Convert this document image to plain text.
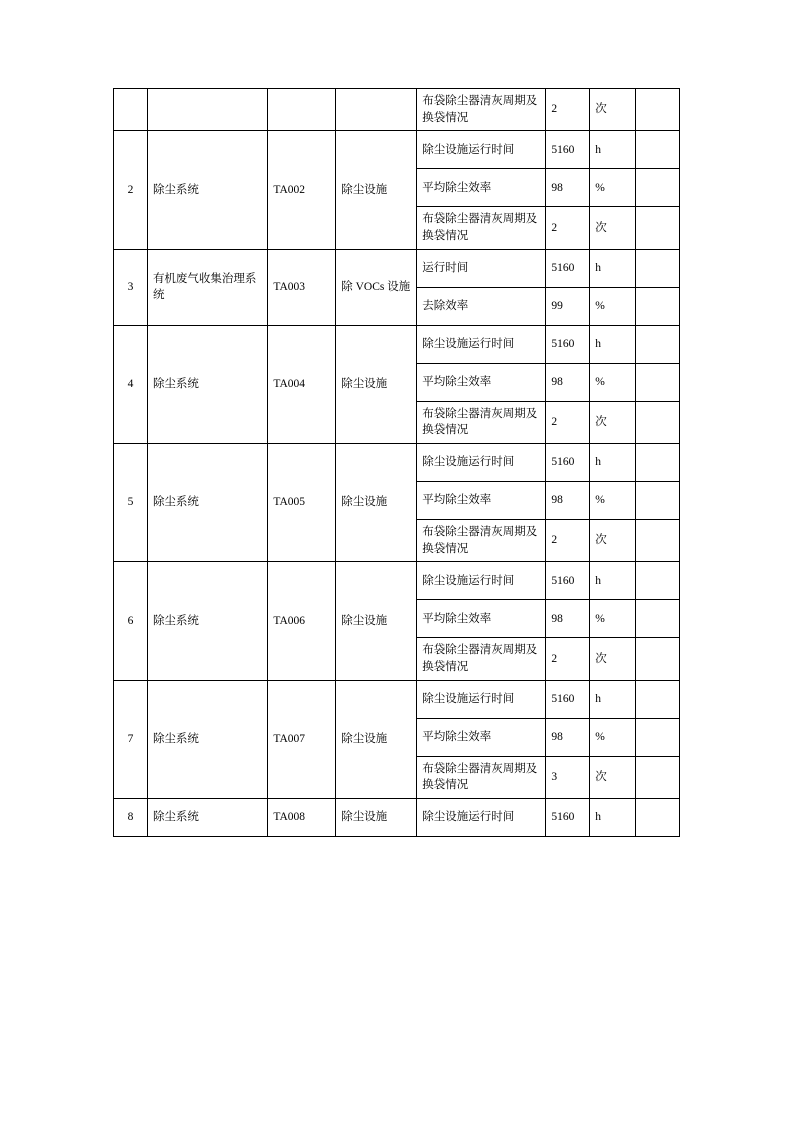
				布袋除尘器清灰周期及换袋情况	2	次	
2	除尘系统	TA002	除尘设施	除尘设施运行时间	5160	h	
				平均除尘效率	98	%	
				布袋除尘器清灰周期及换袋情况	2	次	
3	有机废气收集治理系统	TA003	除 VOCs 设施	运行时间	5160	h	
				去除效率	99	%	
4	除尘系统	TA004	除尘设施	除尘设施运行时间	5160	h	
				平均除尘效率	98	%	
				布袋除尘器清灰周期及换袋情况	2	次	
5	除尘系统	TA005	除尘设施	除尘设施运行时间	5160	h	
				平均除尘效率	98	%	
				布袋除尘器清灰周期及换袋情况	2	次	
6	除尘系统	TA006	除尘设施	除尘设施运行时间	5160	h	
				平均除尘效率	98	%	
				布袋除尘器清灰周期及换袋情况	2	次	
7	除尘系统	TA007	除尘设施	除尘设施运行时间	5160	h	
				平均除尘效率	98	%	
				布袋除尘器清灰周期及换袋情况	3	次	
8	除尘系统	TA008	除尘设施	除尘设施运行时间	5160	h	
